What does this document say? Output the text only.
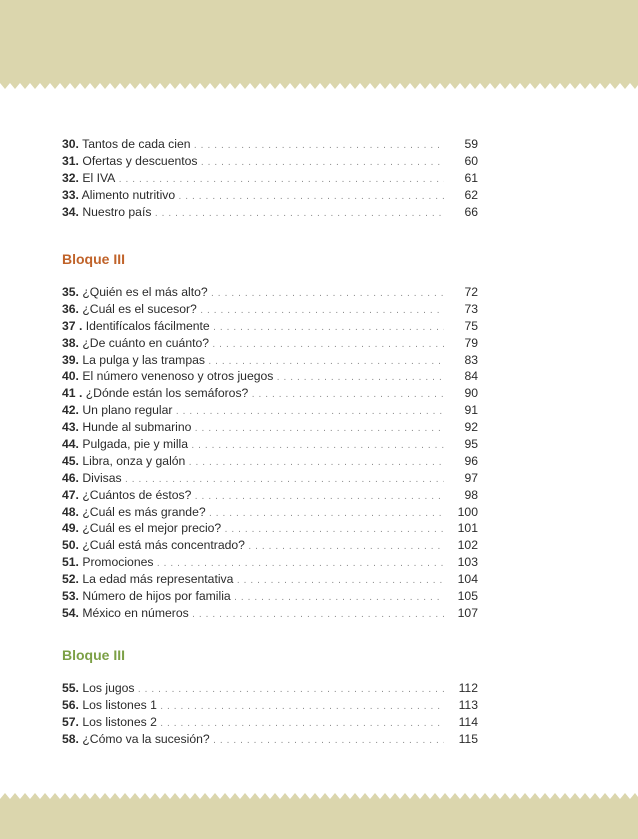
30. Tantos de cada cien . . .	59
31. Ofertas y descuentos . . .	60
32. El IVA . . .	61
33. Alimento nutritivo . . .	62
34. Nuestro país . . .	66
Bloque III
35. ¿Quién es el más alto? . . .	72
36. ¿Cuál es el sucesor? . . .	73
37 . Identifícalos fácilmente . . .	75
38. ¿De cuánto en cuánto? . . .	79
39. La pulga y las trampas . . .	83
40. El número venenoso y otros juegos . . .	84
41 . ¿Dónde están los semáforos? . . .	90
42. Un plano regular . . .	91
43. Hunde al submarino . . .	92
44. Pulgada, pie y milla . . .	95
45. Libra, onza y galón . . .	96
46. Divisas . . .	97
47. ¿Cuántos de éstos? . . .	98
48. ¿Cuál es más grande? . . .	100
49. ¿Cuál es el mejor precio? . . .	101
50. ¿Cuál está más concentrado? . . .	102
51. Promociones . . .	103
52. La edad más representativa . . .	104
53. Número de hijos por familia . . .	105
54. México en números . . .	107
Bloque III
55. Los jugos . . .	112
56. Los listones 1 . . .	113
57. Los listones 2 . . .	114
58. ¿Cómo va la sucesión? . . .	115
